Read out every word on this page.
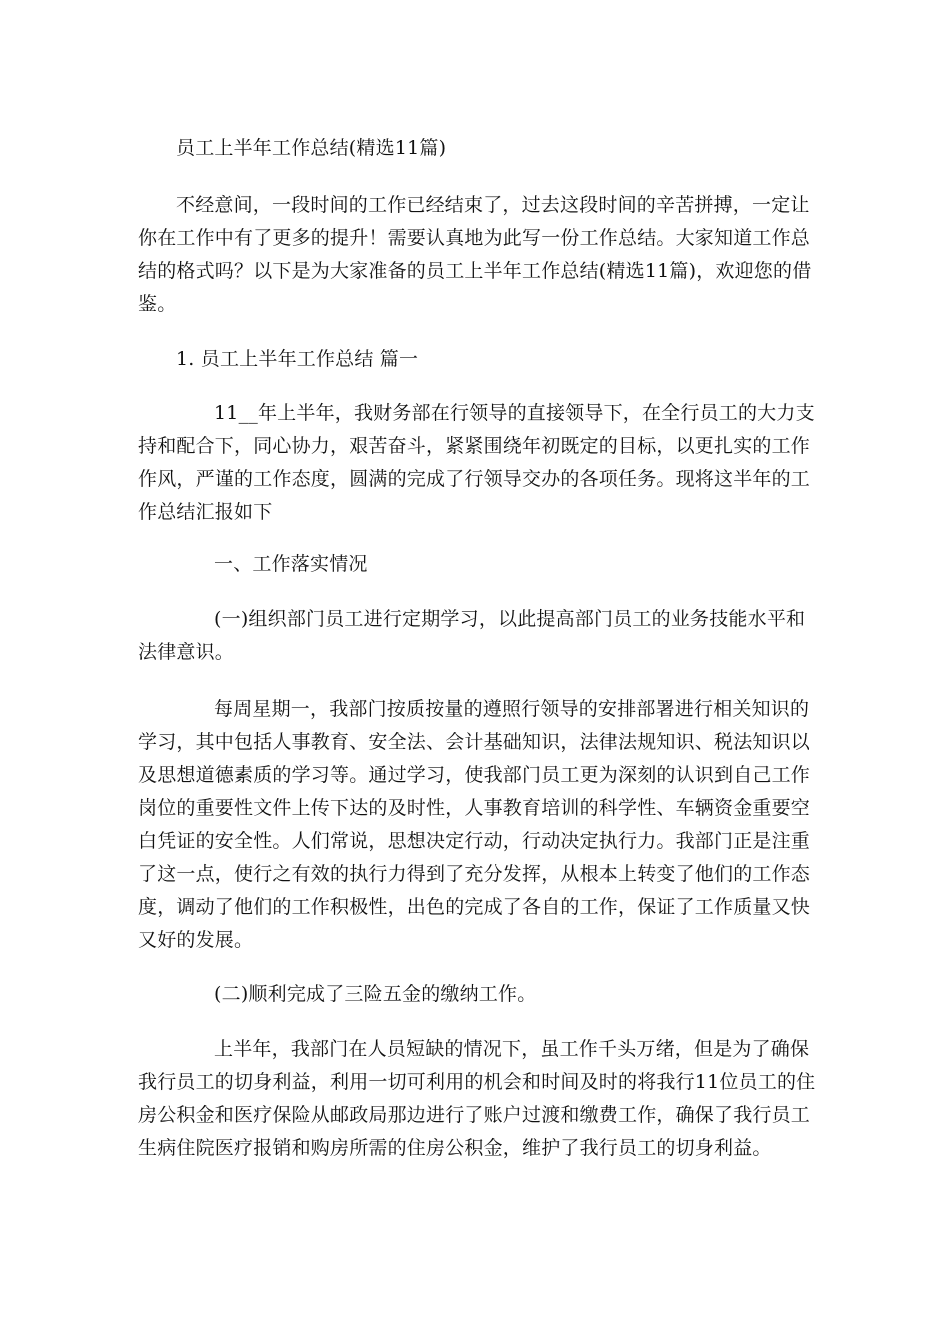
员工上半年工作总结(精选11篇)

不经意间，一段时间的工作已经结束了，过去这段时间的辛苦拼搏，一定让你在工作中有了更多的提升！需要认真地为此写一份工作总结。大家知道工作总结的格式吗？以下是为大家准备的员工上半年工作总结(精选11篇)，欢迎您的借鉴。

1. 员工上半年工作总结 篇一

11__年上半年，我财务部在行领导的直接领导下，在全行员工的大力支持和配合下，同心协力，艰苦奋斗，紧紧围绕年初既定的目标，以更扎实的工作作风，严谨的工作态度，圆满的完成了行领导交办的各项任务。现将这半年的工作总结汇报如下

一、工作落实情况

(一)组织部门员工进行定期学习，以此提高部门员工的业务技能水平和法律意识。

每周星期一，我部门按质按量的遵照行领导的安排部署进行相关知识的学习，其中包括人事教育、安全法、会计基础知识，法律法规知识、税法知识以及思想道德素质的学习等。通过学习，使我部门员工更为深刻的认识到自己工作岗位的重要性文件上传下达的及时性，人事教育培训的科学性、车辆资金重要空白凭证的安全性。人们常说，思想决定行动，行动决定执行力。我部门正是注重了这一点，使行之有效的执行力得到了充分发挥，从根本上转变了他们的工作态度，调动了他们的工作积极性，出色的完成了各自的工作，保证了工作质量又快又好的发展。

(二)顺利完成了三险五金的缴纳工作。

上半年，我部门在人员短缺的情况下，虽工作千头万绪，但是为了确保我行员工的切身利益，利用一切可利用的机会和时间及时的将我行11位员工的住房公积金和医疗保险从邮政局那边进行了账户过渡和缴费工作，确保了我行员工生病住院医疗报销和购房所需的住房公积金，维护了我行员工的切身利益。
